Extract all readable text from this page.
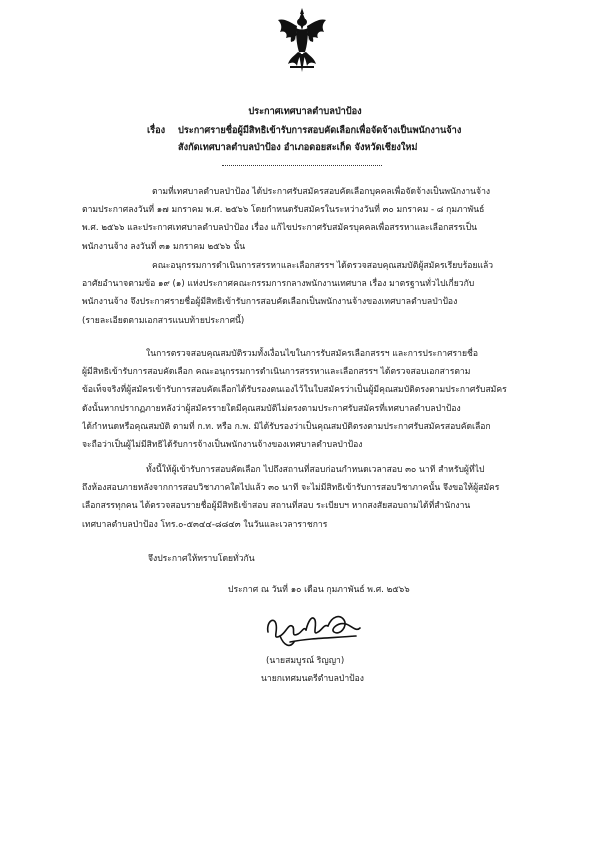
ประกาศเทศบาลตำบลป่าป้อง
เรื่อง ประกาศรายชื่อผู้มีสิทธิเข้ารับการสอบคัดเลือกเพื่อจัดจ้างเป็นพนักงานจ้าง
สังกัดเทศบาลตำบลป่าป้อง อำเภอดอยสะเก็ด จังหวัดเชียงใหม่
ตามที่เทศบาลตำบลป่าป้อง ได้ประกาศรับสมัครสอบคัดเลือกบุคคลเพื่อจัดจ้างเป็นพนักงานจ้าง
ตามประกาศลงวันที่ ๑๗ มกราคม พ.ศ. ๒๕๖๖ โดยกำหนดรับสมัครในระหว่างวันที่ ๓๐ มกราคม - ๘ กุมภาพันธ์
พ.ศ. ๒๕๖๖ และประกาศเทศบาลตำบลป่าป้อง เรื่อง แก้ไขประกาศรับสมัครบุคคลเพื่อสรรหาและเลือกสรรเป็น
พนักงานจ้าง ลงวันที่ ๓๑ มกราคม ๒๕๖๖ นั้น
คณะอนุกรรมการดำเนินการสรรหาและเลือกสรรฯ ได้ตรวจสอบคุณสมบัติผู้สมัครเรียบร้อยแล้ว
อาศัยอำนาจตามข้อ ๑๙ (๑) แห่งประกาศคณะกรรมการกลางพนักงานเทศบาล เรื่อง มาตรฐานทั่วไปเกี่ยวกับ
พนักงานจ้าง จึงประกาศรายชื่อผู้มีสิทธิเข้ารับการสอบคัดเลือกเป็นพนักงานจ้างของเทศบาลตำบลป่าป้อง
(รายละเอียดตามเอกสารแนบท้ายประกาศนี้)
ในการตรวจสอบคุณสมบัติรวมทั้งเงื่อนไขในการรับสมัครเลือกสรรฯ และการประกาศรายชื่อ
ผู้มีสิทธิเข้ารับการสอบคัดเลือก คณะอนุกรรมการดำเนินการสรรหาและเลือกสรรฯ ได้ตรวจสอบเอกสารตาม
ข้อเท็จจริงที่ผู้สมัครเข้ารับการสอบคัดเลือกได้รับรองตนเองไว้ในใบสมัครว่าเป็นผู้มีคุณสมบัติตรงตามประกาศรับสมัคร
ดังนั้นหากปรากฏภายหลังว่าผู้สมัครรายใดมีคุณสมบัติไม่ตรงตามประกาศรับสมัครที่เทศบาลตำบลป่าป้อง
ได้กำหนดหรือคุณสมบัติ ตามที่ ก.ท. หรือ ก.พ. มิได้รับรองว่าเป็นคุณสมบัติตรงตามประกาศรับสมัครสอบคัดเลือก
จะถือว่าเป็นผู้ไม่มีสิทธิได้รับการจ้างเป็นพนักงานจ้างของเทศบาลตำบลป่าป้อง
ทั้งนี้ให้ผู้เข้ารับการสอบคัดเลือก ไปถึงสถานที่สอบก่อนกำหนดเวลาสอบ ๓๐ นาที สำหรับผู้ที่ไป
ถึงห้องสอบภายหลังจากการสอบวิชาภาคใดไปแล้ว ๓๐ นาที จะไม่มีสิทธิเข้ารับการสอบวิชาภาคนั้น จึงขอให้ผู้สมัคร
เลือกสรรทุกคน ได้ตรวจสอบรายชื่อผู้มีสิทธิเข้าสอบ สถานที่สอบ ระเบียบฯ หากสงสัยสอบถามได้ที่สำนักงาน
เทศบาลตำบลป่าป้อง โทร.๐-๕๓๔๔-๘๘๔๓ ในวันและเวลาราชการ
จึงประกาศให้ทราบโดยทั่วกัน
ประกาศ ณ วันที่ ๑๐ เดือน กุมภาพันธ์ พ.ศ. ๒๕๖๖
(นายสมบูรณ์ ริญญา)
นายกเทศมนตรีตำบลป่าป้อง
